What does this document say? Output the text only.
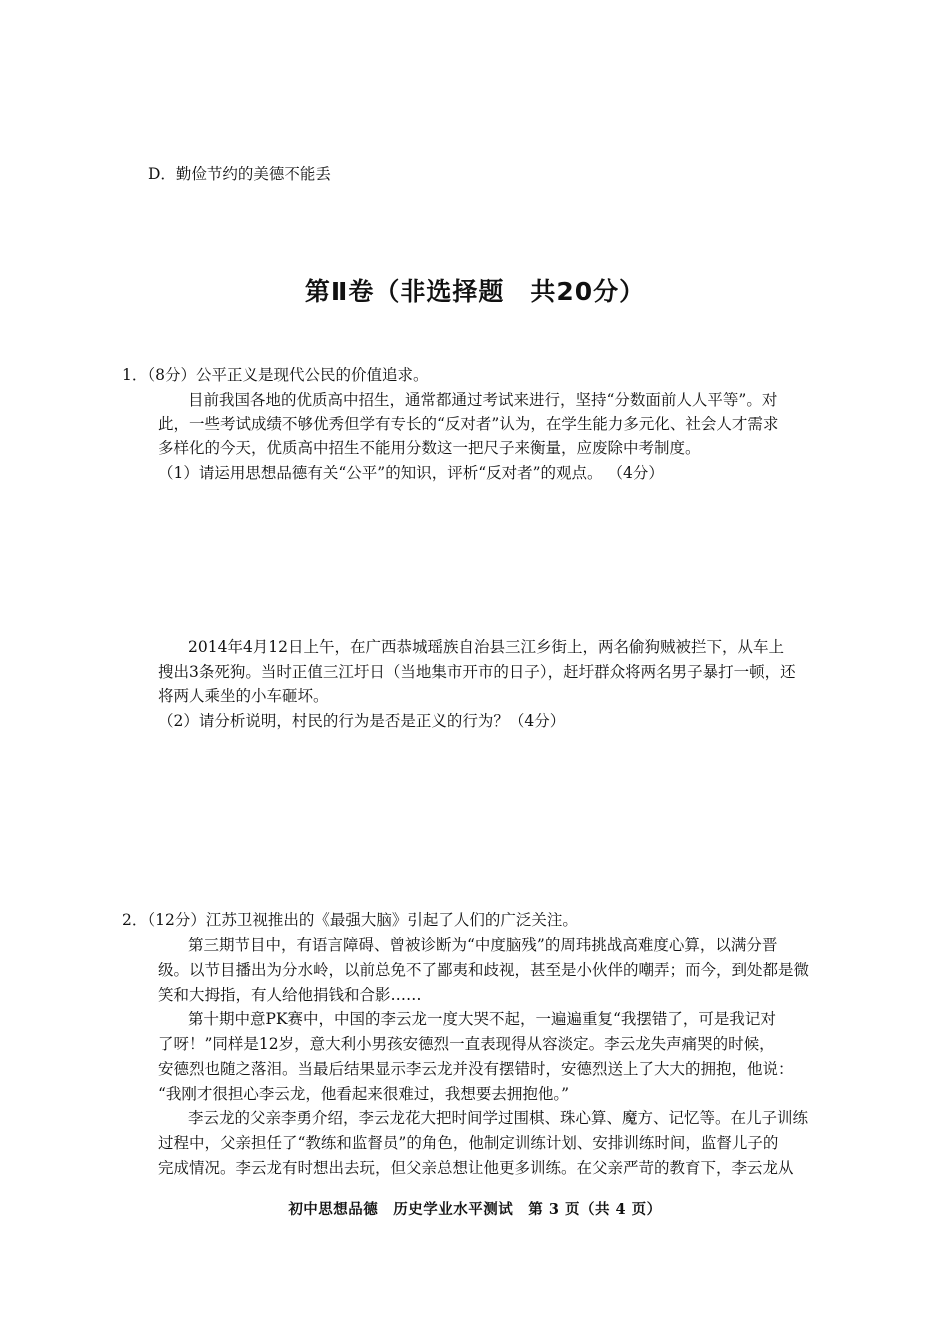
D．勤俭节约的美德不能丢
第Ⅱ卷（非选择题　共20分）
1．（8分）公平正义是现代公民的价值追求。
目前我国各地的优质高中招生，通常都通过考试来进行，坚持“分数面前人人平等”。对
此，一些考试成绩不够优秀但学有专长的“反对者”认为，在学生能力多元化、社会人才需求
多样化的今天，优质高中招生不能用分数这一把尺子来衡量，应废除中考制度。
（1）请运用思想品德有关“公平”的知识，评析“反对者”的观点。 （4分）
2014年4月12日上午，在广西恭城瑶族自治县三江乡街上，两名偷狗贼被拦下，从车上
搜出3条死狗。当时正值三江圩日（当地集市开市的日子），赶圩群众将两名男子暴打一顿，还
将两人乘坐的小车砸坏。
（2）请分析说明，村民的行为是否是正义的行为？（4分）
2．（12分）江苏卫视推出的《最强大脑》引起了人们的广泛关注。
第三期节目中，有语言障碍、曾被诊断为“中度脑残”的周玮挑战高难度心算，以满分晋
级。以节目播出为分水岭，以前总免不了鄙夷和歧视，甚至是小伙伴的嘲弄；而今，到处都是微
笑和大拇指，有人给他捐钱和合影……
第十期中意PK赛中，中国的李云龙一度大哭不起，一遍遍重复“我摆错了，可是我记对
了呀！”同样是12岁，意大利小男孩安德烈一直表现得从容淡定。李云龙失声痛哭的时候，
安德烈也随之落泪。当最后结果显示李云龙并没有摆错时，安德烈送上了大大的拥抱，他说：
“我刚才很担心李云龙，他看起来很难过，我想要去拥抱他。”
李云龙的父亲李勇介绍，李云龙花大把时间学过围棋、珠心算、魔方、记忆等。在儿子训练
过程中，父亲担任了“教练和监督员”的角色，他制定训练计划、安排训练时间，监督儿子的
完成情况。李云龙有时想出去玩，但父亲总想让他更多训练。在父亲严苛的教育下，李云龙从
初中思想品德　历史学业水平测试　第 3 页（共 4 页）
